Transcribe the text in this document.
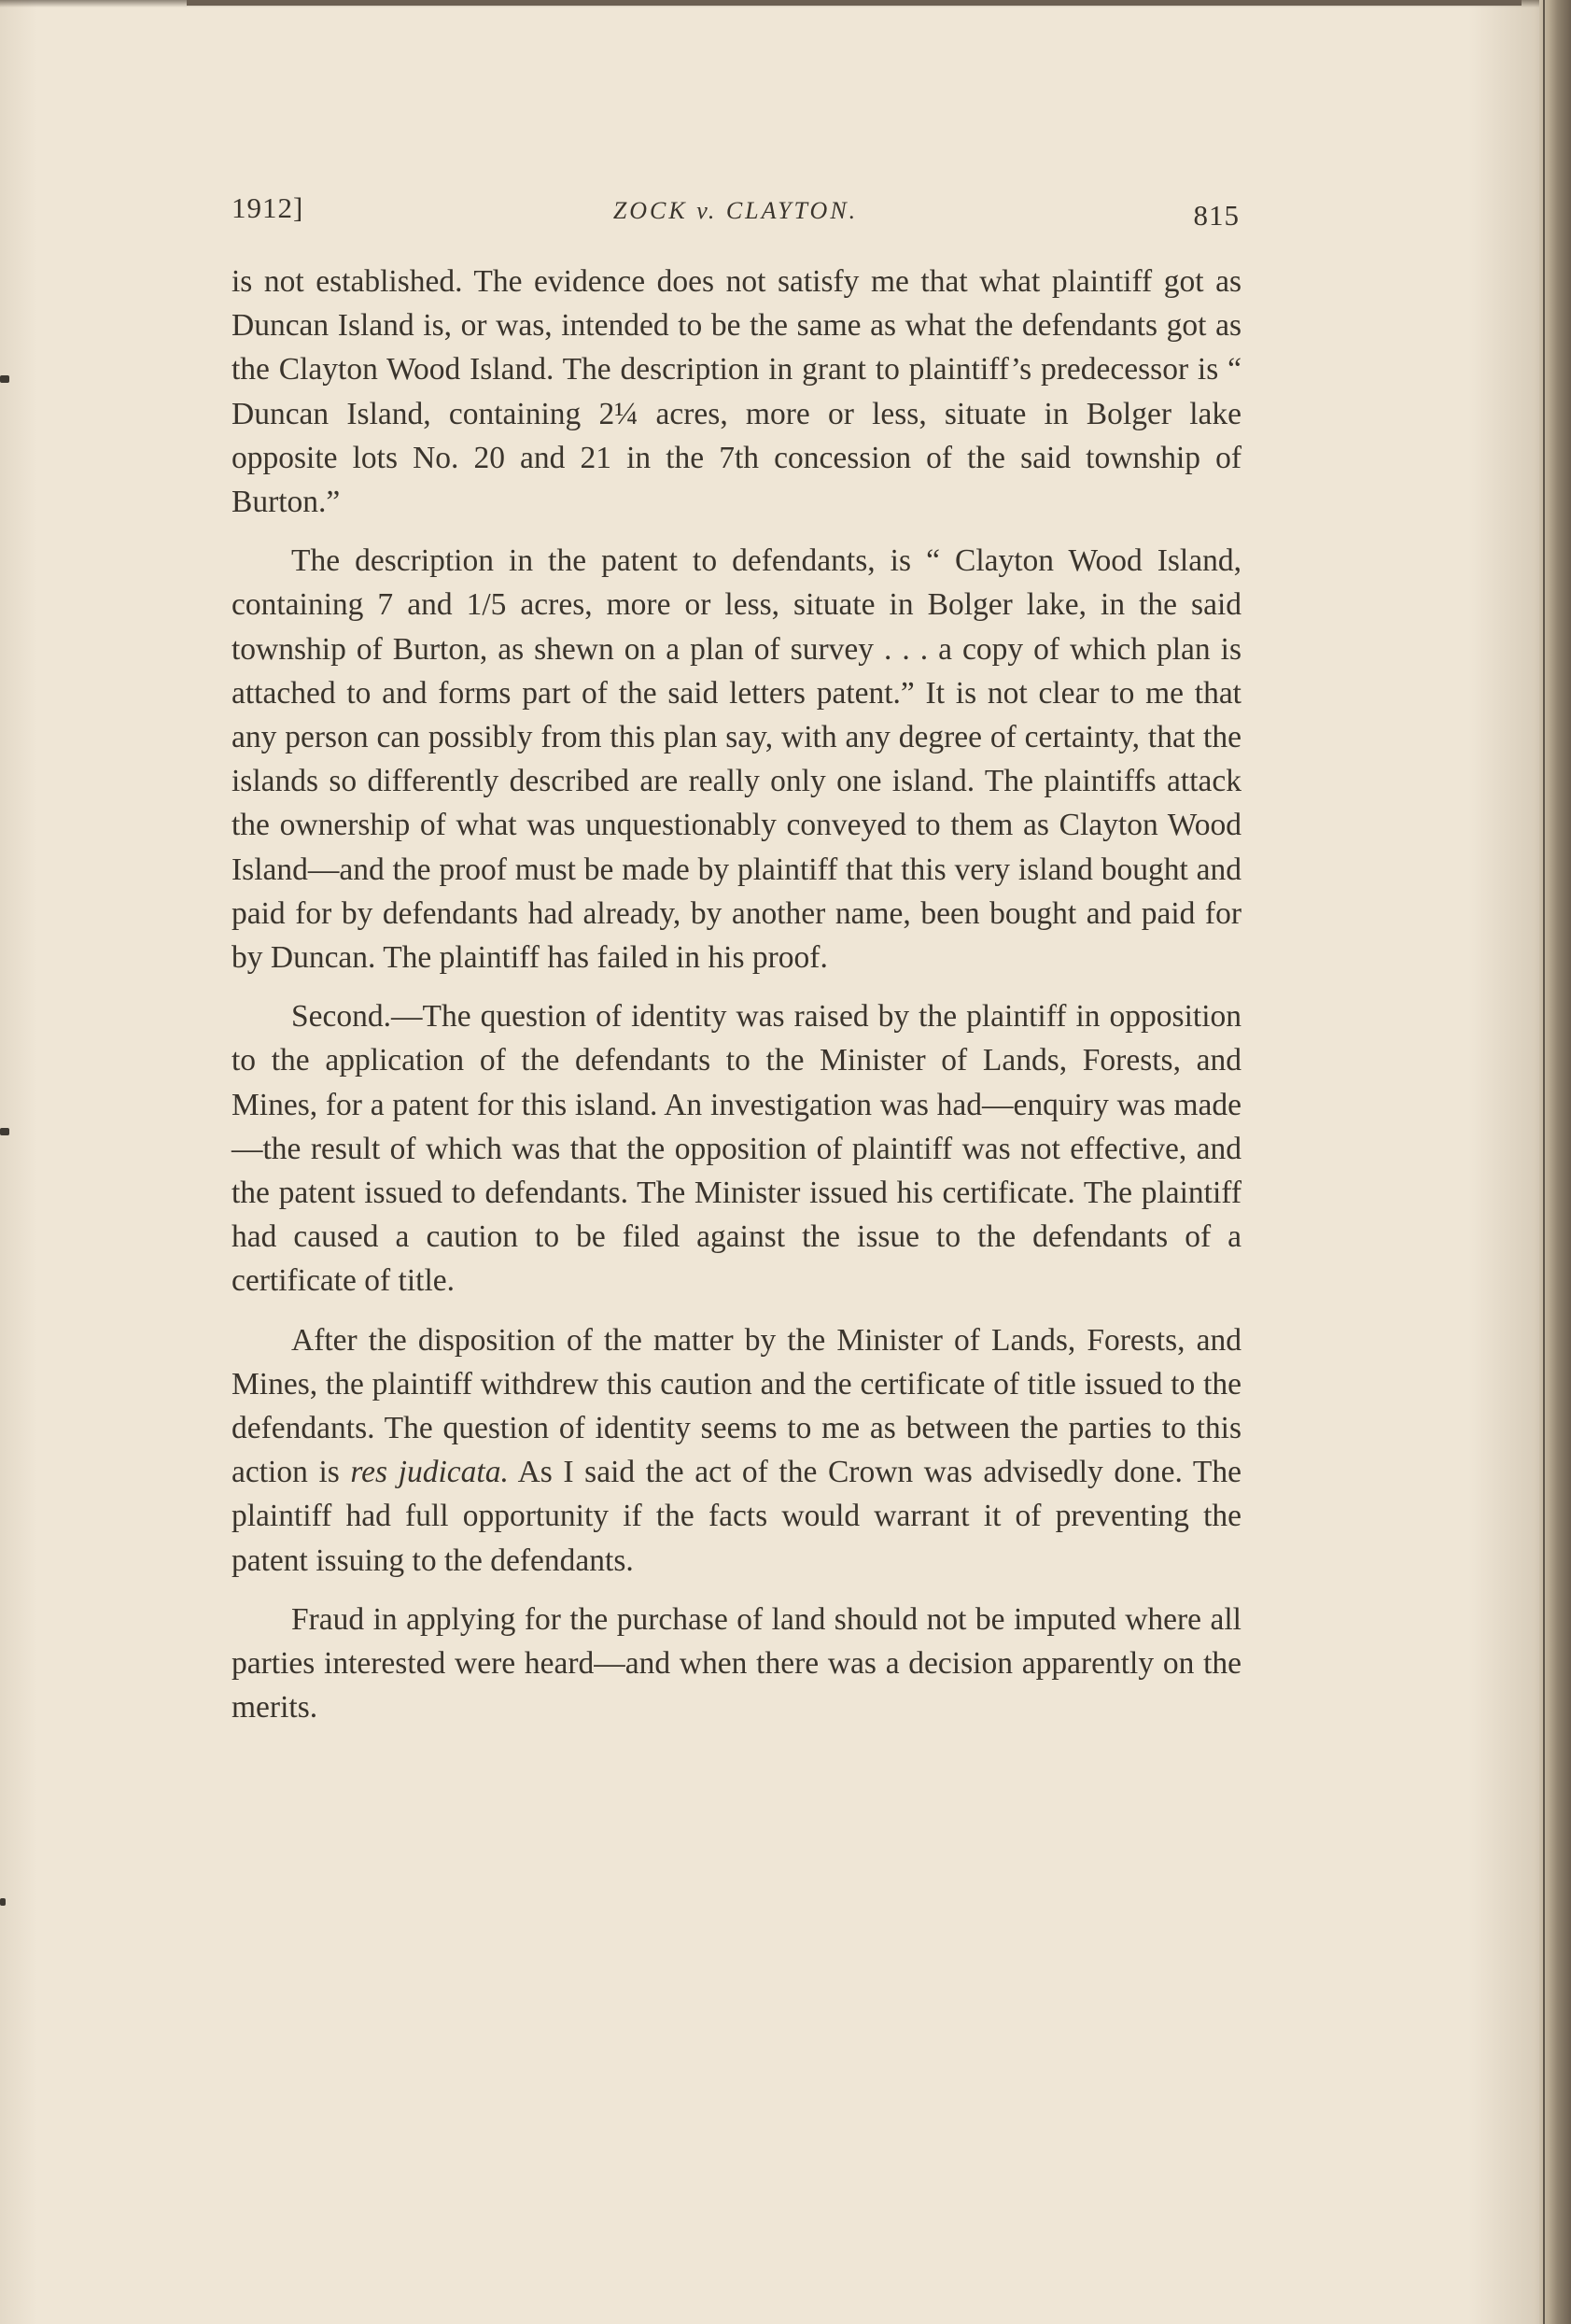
1912]	ZOCK v. CLAYTON.	815

is not established. The evidence does not satisfy me that what plaintiff got as Duncan Island is, or was, intended to be the same as what the defendants got as the Clayton Wood Island. The description in grant to plaintiff’s predecessor is “ Duncan Island, containing 2¼ acres, more or less, situate in Bolger lake opposite lots No. 20 and 21 in the 7th concession of the said township of Burton.”

The description in the patent to defendants, is “ Clayton Wood Island, containing 7 and 1/5 acres, more or less, situate in Bolger lake, in the said township of Burton, as shewn on a plan of survey . . . a copy of which plan is attached to and forms part of the said letters patent.” It is not clear to me that any person can possibly from this plan say, with any degree of certainty, that the islands so differently described are really only one island. The plaintiffs attack the ownership of what was unquestionably conveyed to them as Clayton Wood Island—and the proof must be made by plaintiff that this very island bought and paid for by defendants had already, by another name, been bought and paid for by Duncan. The plaintiff has failed in his proof.

Second.—The question of identity was raised by the plaintiff in opposition to the application of the defendants to the Minister of Lands, Forests, and Mines, for a patent for this island. An investigation was had—enquiry was made—the result of which was that the opposition of plaintiff was not effective, and the patent issued to defendants. The Minister issued his certificate. The plaintiff had caused a caution to be filed against the issue to the defendants of a certificate of title.

After the disposition of the matter by the Minister of Lands, Forests, and Mines, the plaintiff withdrew this caution and the certificate of title issued to the defendants. The question of identity seems to me as between the parties to this action is res judicata. As I said the act of the Crown was advisedly done. The plaintiff had full opportunity if the facts would warrant it of preventing the patent issuing to the defendants.

Fraud in applying for the purchase of land should not be imputed where all parties interested were heard—and when there was a decision apparently on the merits.
